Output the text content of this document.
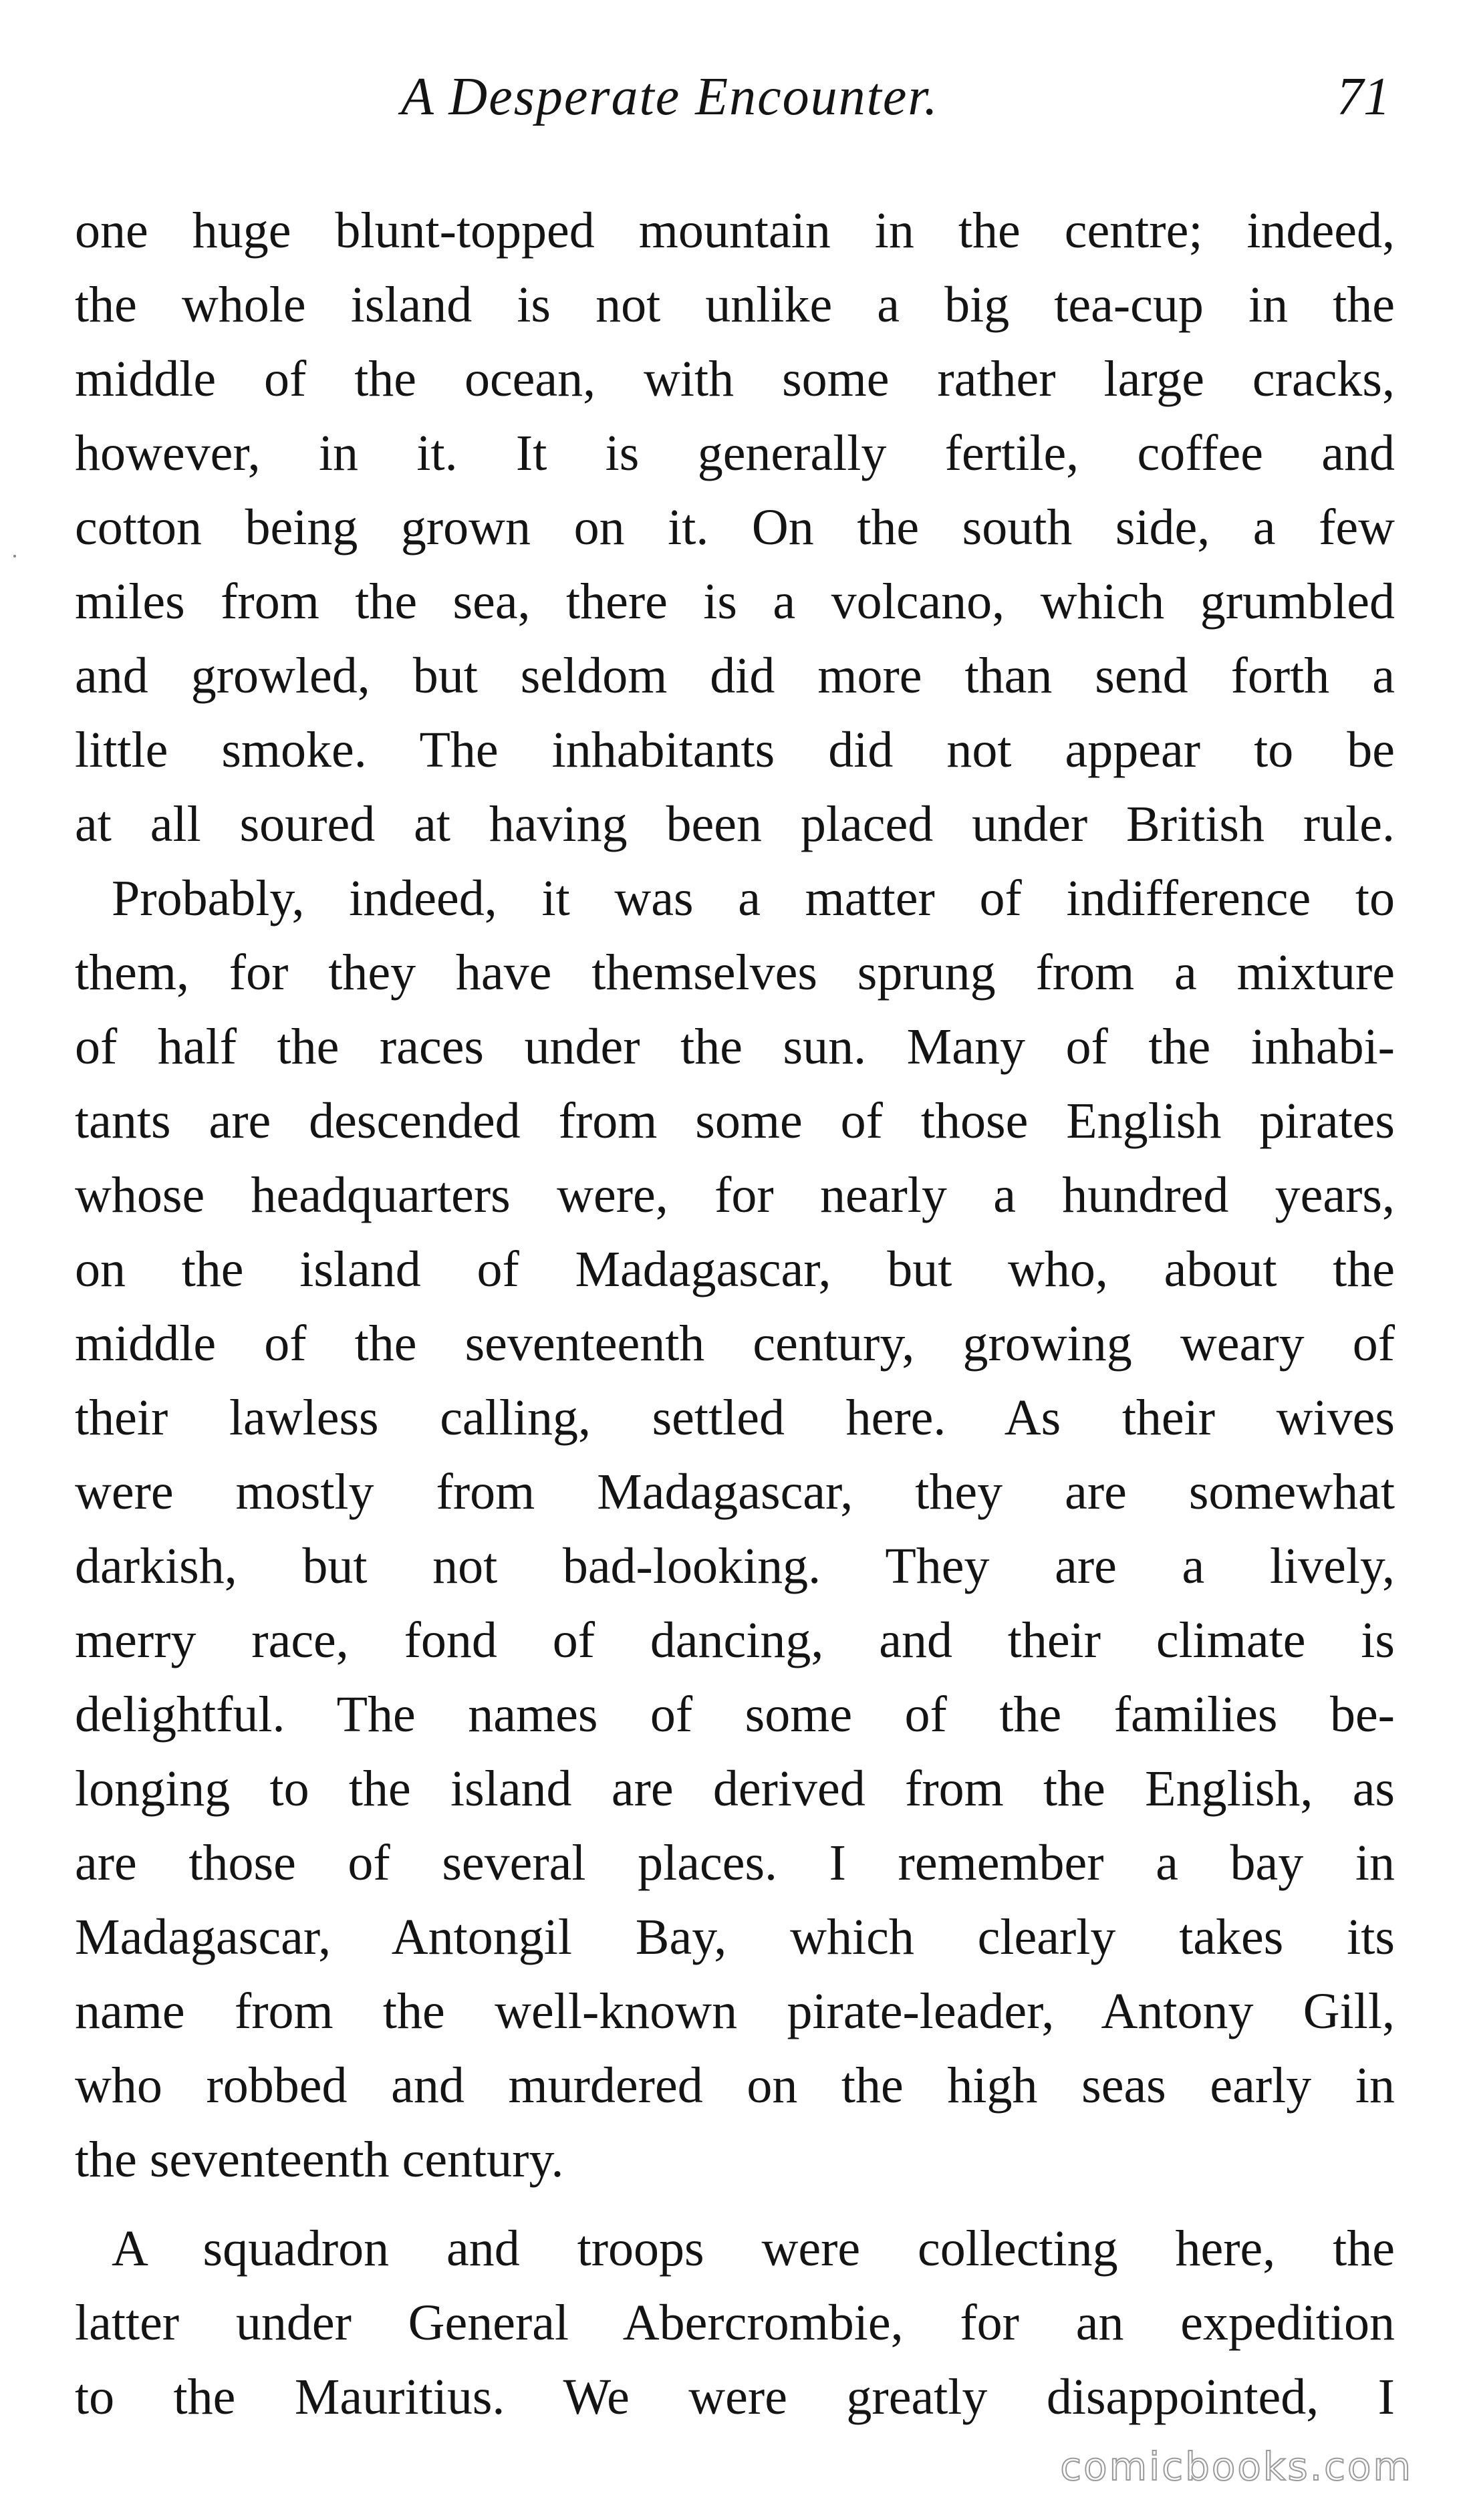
A Desperate Encounter.	71
one huge blunt-topped mountain in the centre; indeed,
the whole island is not unlike a big tea-cup in the
middle of the ocean, with some rather large cracks,
however, in it. It is generally fertile, coffee and
cotton being grown on it. On the south side, a few
miles from the sea, there is a volcano, which grumbled
and growled, but seldom did more than send forth a
little smoke. The inhabitants did not appear to be
at all soured at having been placed under British rule.
Probably, indeed, it was a matter of indifference to
them, for they have themselves sprung from a mixture
of half the races under the sun. Many of the inhabi-
tants are descended from some of those English pirates
whose headquarters were, for nearly a hundred years,
on the island of Madagascar, but who, about the
middle of the seventeenth century, growing weary of
their lawless calling, settled here. As their wives
were mostly from Madagascar, they are somewhat
darkish, but not bad-looking. They are a lively,
merry race, fond of dancing, and their climate is
delightful. The names of some of the families be-
longing to the island are derived from the English, as
are those of several places. I remember a bay in
Madagascar, Antongil Bay, which clearly takes its
name from the well-known pirate-leader, Antony Gill,
who robbed and murdered on the high seas early in
the seventeenth century.
A squadron and troops were collecting here, the
latter under General Abercrombie, for an expedition
to the Mauritius. We were greatly disappointed, I
comicbooks.com
